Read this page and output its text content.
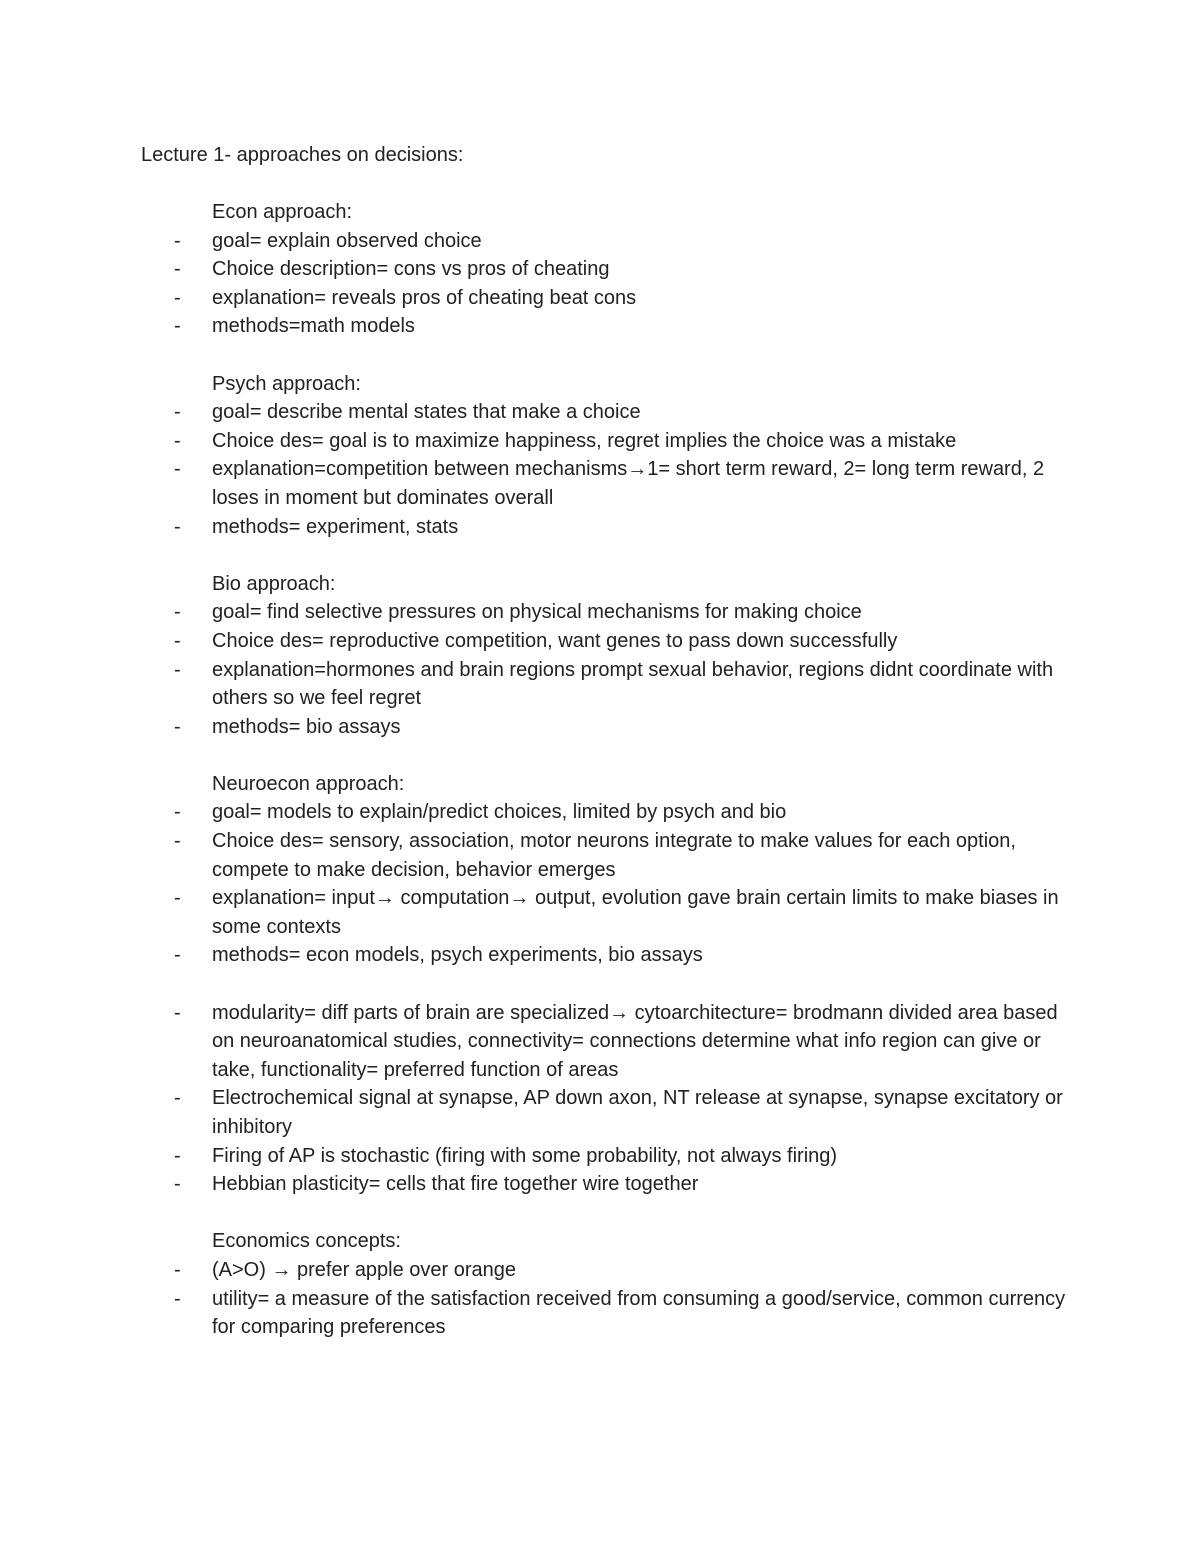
Lecture 1- approaches on decisions:
Econ approach:
- goal= explain observed choice
- Choice description= cons vs pros of cheating
- explanation= reveals pros of cheating beat cons
- methods=math models
Psych approach:
- goal= describe mental states that make a choice
- Choice des= goal is to maximize happiness, regret implies the choice was a mistake
- explanation=competition between mechanisms→1= short term reward, 2= long term reward, 2 loses in moment but dominates overall
- methods= experiment, stats
Bio approach:
- goal= find selective pressures on physical mechanisms for making choice
- Choice des= reproductive competition, want genes to pass down successfully
- explanation=hormones and brain regions prompt sexual behavior, regions didnt coordinate with others so we feel regret
- methods= bio assays
Neuroecon approach:
- goal= models to explain/predict choices, limited by psych and bio
- Choice des= sensory, association, motor neurons integrate to make values for each option, compete to make decision, behavior emerges
- explanation= input→ computation→ output, evolution gave brain certain limits to make biases in some contexts
- methods= econ models, psych experiments, bio assays
- modularity= diff parts of brain are specialized→ cytoarchitecture= brodmann divided area based on neuroanatomical studies, connectivity= connections determine what info region can give or take, functionality= preferred function of areas
- Electrochemical signal at synapse, AP down axon, NT release at synapse, synapse excitatory or inhibitory
- Firing of AP is stochastic (firing with some probability, not always firing)
- Hebbian plasticity= cells that fire together wire together
Economics concepts:
- (A>O) → prefer apple over orange
- utility= a measure of the satisfaction received from consuming a good/service, common currency for comparing preferences
